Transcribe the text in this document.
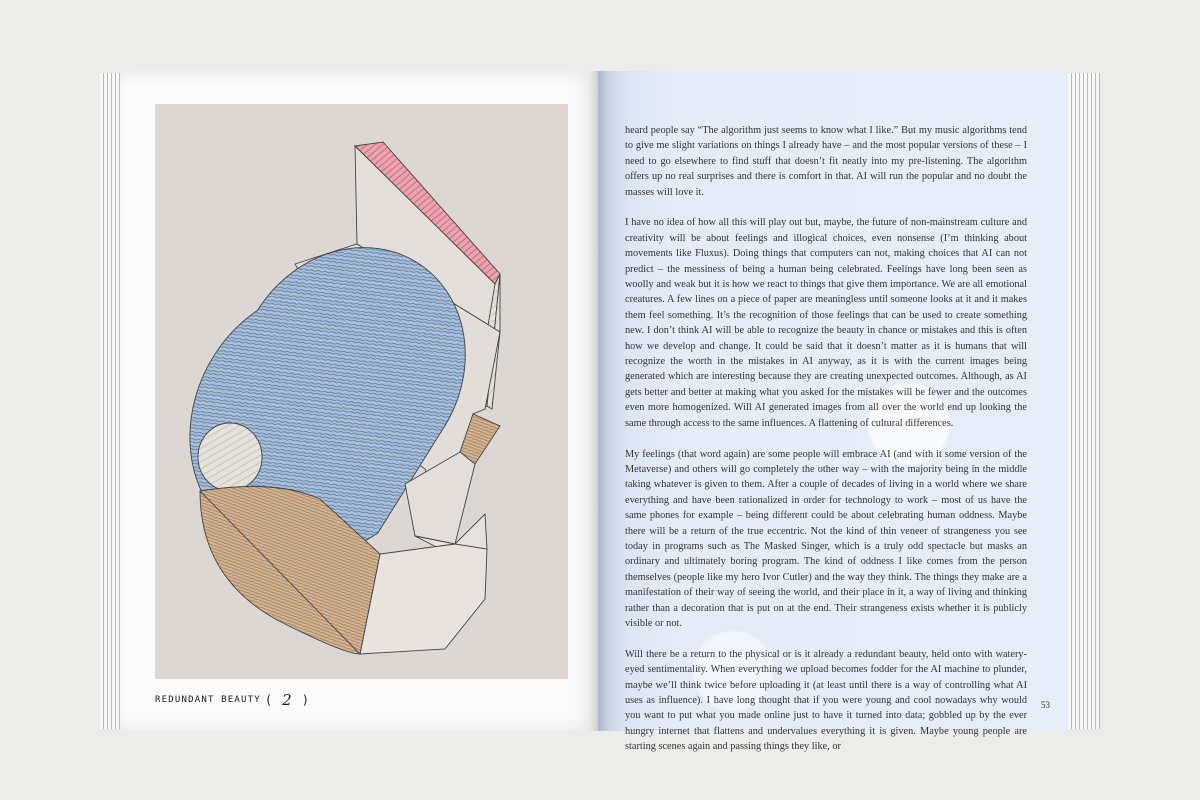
REDUNDANT BEAUTY ( 2 )

heard people say “The algorithm just seems to know what I like.” But my music algorithms tend to give me slight variations on things I already have – and the most popular versions of these – I need to go elsewhere to find stuff that doesn’t fit neatly into my pre-listening. The algorithm offers up no real surprises and there is comfort in that. AI will run the popular and no doubt the masses will love it.

I have no idea of how all this will play out but, maybe, the future of non-mainstream culture and creativity will be about feelings and illogical choices, even nonsense (I’m thinking about movements like Fluxus). Doing things that computers can not, making choices that AI can not predict – the messiness of being a human being celebrated. Feelings have long been seen as woolly and weak but it is how we react to things that give them importance. We are all emotional creatures. A few lines on a piece of paper are meaningless until someone looks at it and it makes them feel something. It’s the recognition of those feelings that can be used to create something new. I don’t think AI will be able to recognize the beauty in chance or mistakes and this is often how we develop and change. It could be said that it doesn’t matter as it is humans that will recognize the worth in the mistakes in AI anyway, as it is with the current images being generated which are interesting because they are creating unexpected outcomes. Although, as AI gets better and better at making what you asked for the mistakes will be fewer and the outcomes even more homogenized. Will AI generated images from all over the world end up looking the same through access to the same influences. A flattening of cultural differences.

My feelings (that word again) are some people will embrace AI (and with it some version of the Metaverse) and others will go completely the other way – with the majority being in the middle taking whatever is given to them. After a couple of decades of living in a world where we share everything and have been rationalized in order for technology to work – most of us have the same phones for example – being different could be about celebrating human oddness. Maybe there will be a return of the true eccentric. Not the kind of thin veneer of strangeness you see today in programs such as The Masked Singer, which is a truly odd spectacle but masks an ordinary and ultimately boring program. The kind of oddness I like comes from the person themselves (people like my hero Ivor Cutler) and the way they think. The things they make are a manifestation of their way of seeing the world, and their place in it, a way of living and thinking rather than a decoration that is put on at the end. Their strangeness exists whether it is publicly visible or not.

Will there be a return to the physical or is it already a redundant beauty, held onto with watery-eyed sentimentality. When everything we upload becomes fodder for the AI machine to plunder, maybe we’ll think twice before uploading it (at least until there is a way of controlling what AI uses as influence). I have long thought that if you were young and cool nowadays why would you want to put what you made online just to have it turned into data; gobbled up by the ever hungry internet that flattens and undervalues everything it is given. Maybe young people are starting scenes again and passing things they like, or

53
